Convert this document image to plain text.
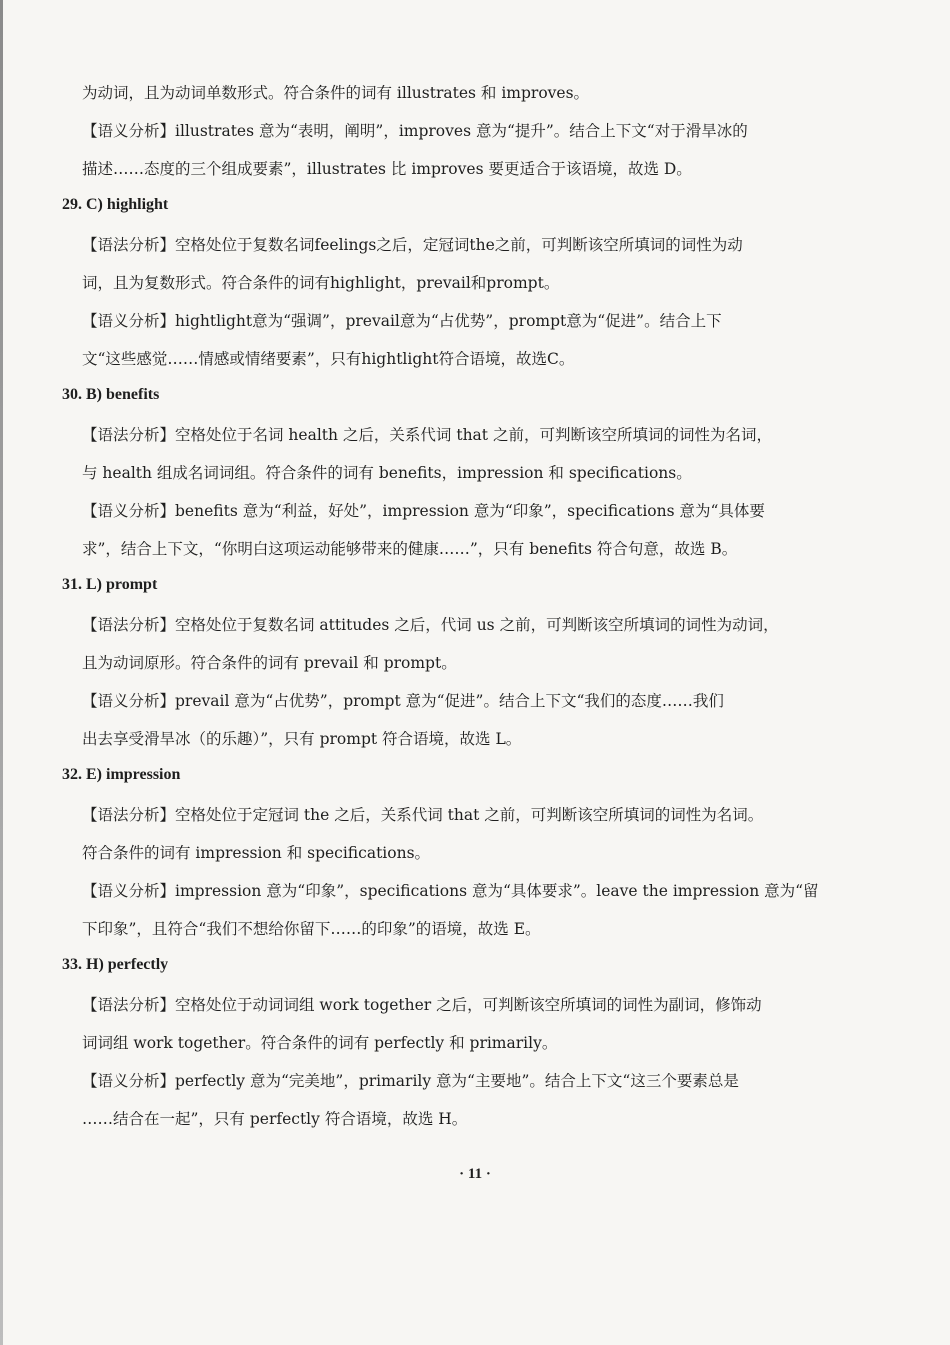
为动词，且为动词单数形式。符合条件的词有 illustrates 和 improves。
【语义分析】illustrates 意为“表明，阐明”，improves 意为“提升”。结合上下文“对于滑旱冰的
描述……态度的三个组成要素”，illustrates 比 improves 要更适合于该语境，故选 D。
29. C) highlight
【语法分析】空格处位于复数名词feelings之后，定冠词the之前，可判断该空所填词的词性为动
词，且为复数形式。符合条件的词有highlight，prevail和prompt。
【语义分析】hightlight意为“强调”，prevail意为“占优势”，prompt意为“促进”。结合上下
文“这些感觉……情感或情绪要素”，只有hightlight符合语境，故选C。
30. B) benefits
【语法分析】空格处位于名词 health 之后，关系代词 that 之前，可判断该空所填词的词性为名词，
与 health 组成名词词组。符合条件的词有 benefits，impression 和 specifications。
【语义分析】benefits 意为“利益，好处”，impression 意为“印象”，specifications 意为“具体要
求”，结合上下文，“你明白这项运动能够带来的健康……”，只有 benefits 符合句意，故选 B。
31. L) prompt
【语法分析】空格处位于复数名词 attitudes 之后，代词 us 之前，可判断该空所填词的词性为动词，
且为动词原形。符合条件的词有 prevail 和 prompt。
【语义分析】prevail 意为“占优势”，prompt 意为“促进”。结合上下文“我们的态度……我们
出去享受滑旱冰（的乐趣）”，只有 prompt 符合语境，故选 L。
32. E) impression
【语法分析】空格处位于定冠词 the 之后，关系代词 that 之前，可判断该空所填词的词性为名词。
符合条件的词有 impression 和 specifications。
【语义分析】impression 意为“印象”，specifications 意为“具体要求”。leave the impression 意为“留
下印象”，且符合“我们不想给你留下……的印象”的语境，故选 E。
33. H) perfectly
【语法分析】空格处位于动词词组 work together 之后，可判断该空所填词的词性为副词，修饰动
词词组 work together。符合条件的词有 perfectly 和 primarily。
【语义分析】perfectly 意为“完美地”，primarily 意为“主要地”。结合上下文“这三个要素总是
……结合在一起”，只有 perfectly 符合语境，故选 H。
· 11 ·
